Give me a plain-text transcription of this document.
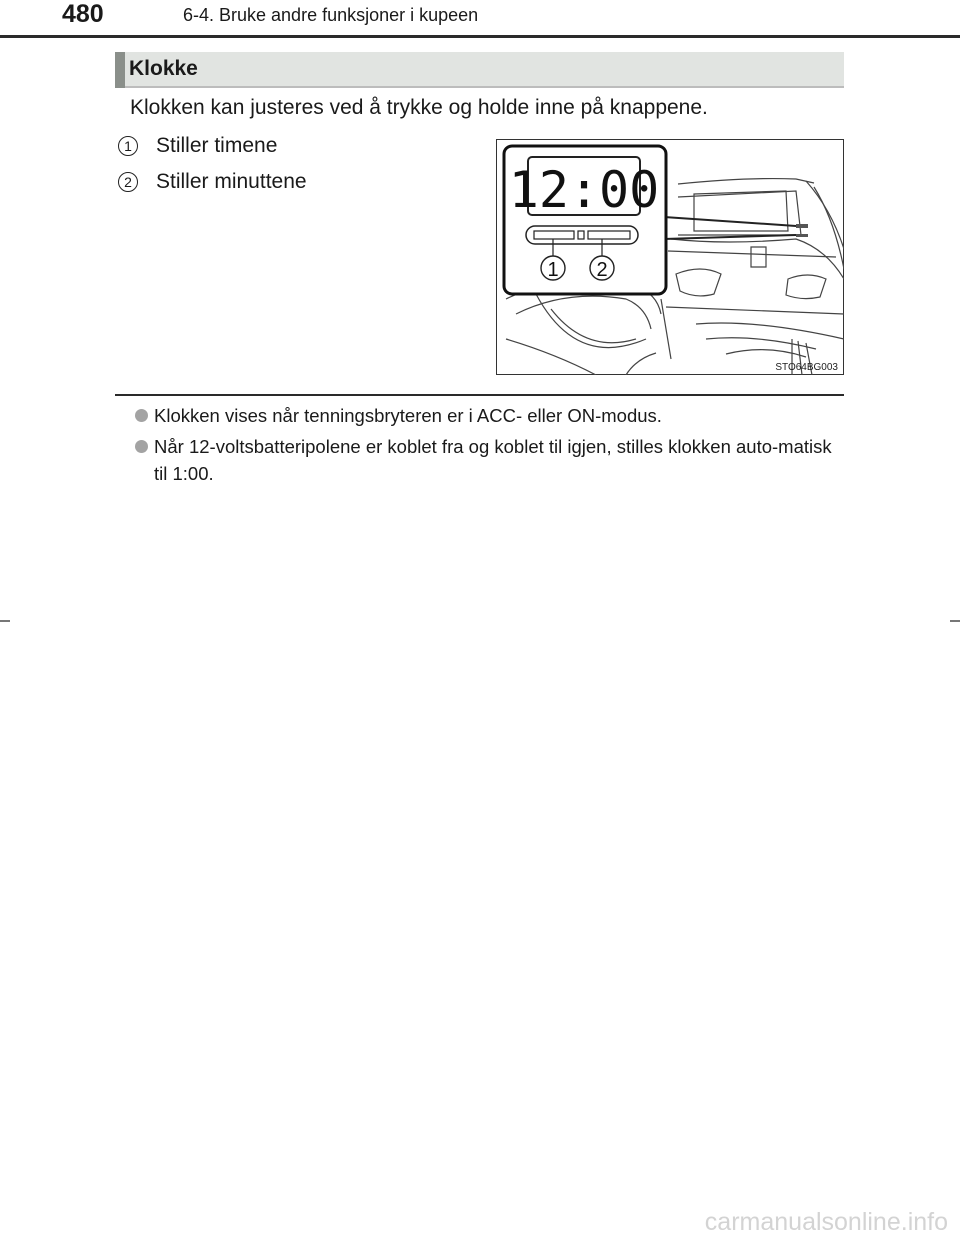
480	6-4. Bruke andre funksjoner i kupeen
Klokke
Klokken kan justeres ved å trykke og holde inne på knappene.
1 Stiller timene
2 Stiller minuttene	12:00
1 2
STO64BG003
Klokken vises når tenningsbryteren er i ACC- eller ON-modus.
Når 12-voltsbatteripolene er koblet fra og koblet til igjen, stilles klokken auto-matisk til 1:00.
carmanualsonline.info
